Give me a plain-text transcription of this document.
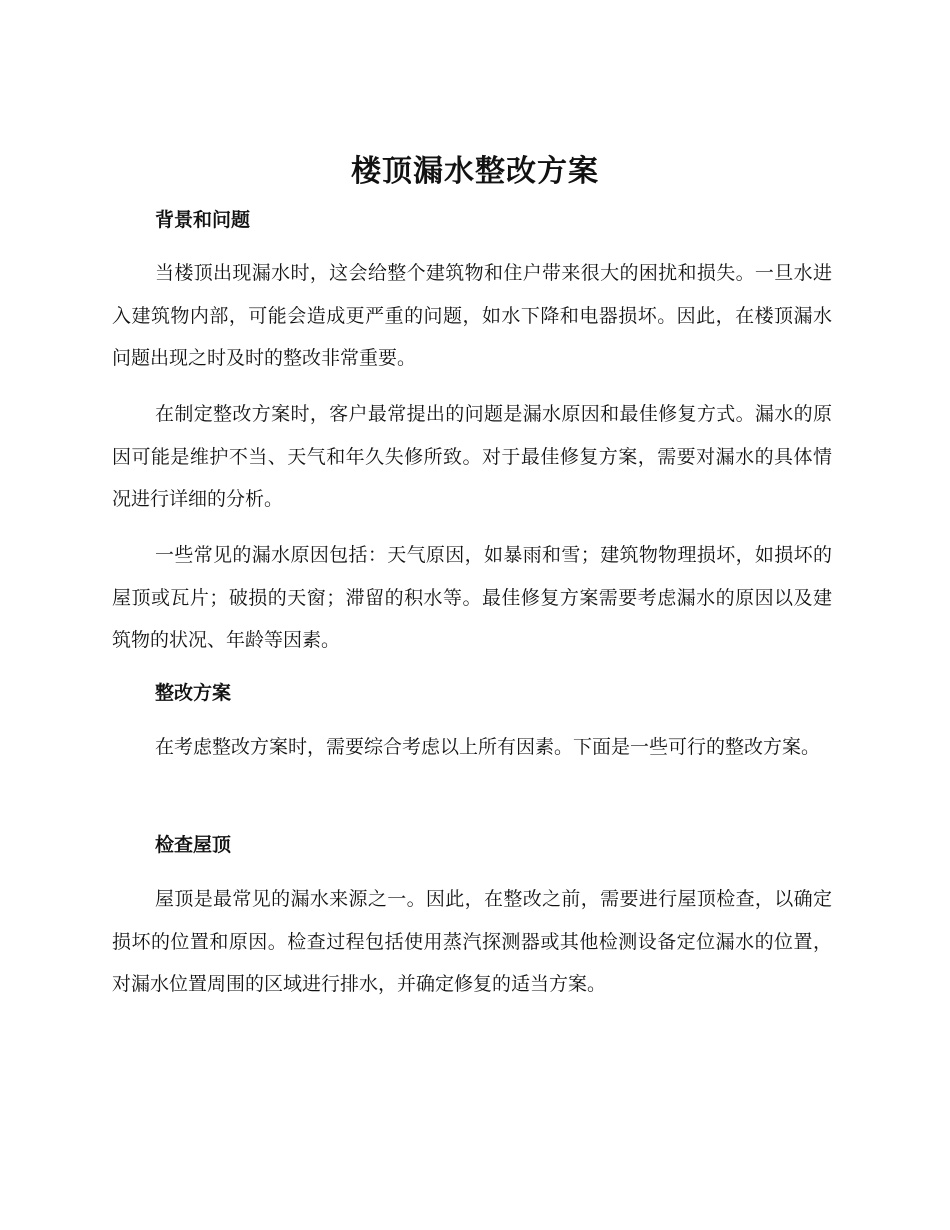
楼顶漏水整改方案
背景和问题

当楼顶出现漏水时，这会给整个建筑物和住户带来很大的困扰和损失。一旦水进入建筑物内部，可能会造成更严重的问题，如水下降和电器损坏。因此，在楼顶漏水问题出现之时及时的整改非常重要。

在制定整改方案时，客户最常提出的问题是漏水原因和最佳修复方式。漏水的原因可能是维护不当、天气和年久失修所致。对于最佳修复方案，需要对漏水的具体情况进行详细的分析。

一些常见的漏水原因包括：天气原因，如暴雨和雪；建筑物物理损坏，如损坏的屋顶或瓦片；破损的天窗；滞留的积水等。最佳修复方案需要考虑漏水的原因以及建筑物的状况、年龄等因素。

整改方案

在考虑整改方案时，需要综合考虑以上所有因素。下面是一些可行的整改方案。

检查屋顶

屋顶是最常见的漏水来源之一。因此，在整改之前，需要进行屋顶检查，以确定损坏的位置和原因。检查过程包括使用蒸汽探测器或其他检测设备定位漏水的位置，对漏水位置周围的区域进行排水，并确定修复的适当方案。
